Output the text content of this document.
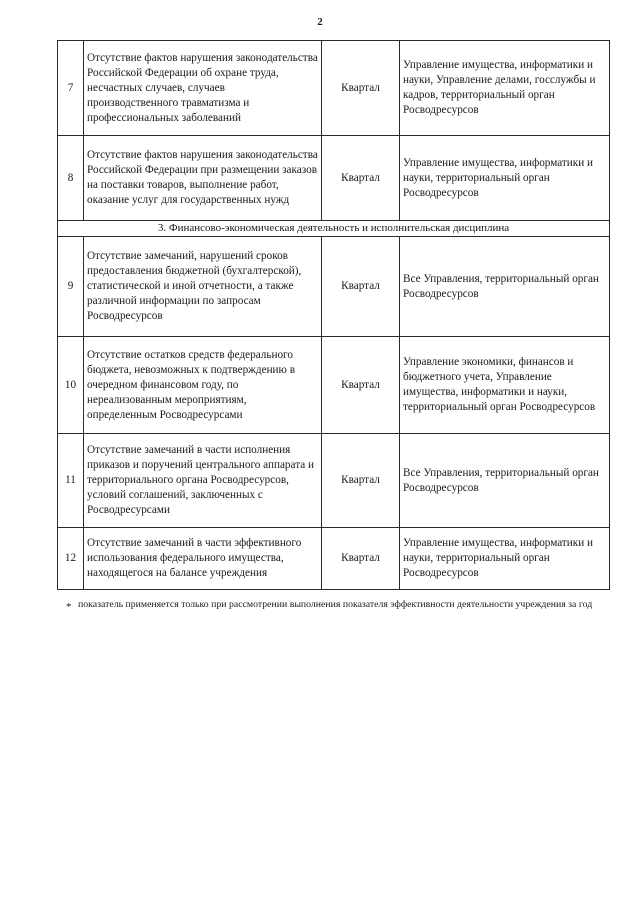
2
7	Отсутствие фактов нарушения законодательства Российской Федерации об охране труда, несчастных случаев, случаев производственного травматизма и профессиональных заболеваний	Квартал	Управление имущества, информатики и науки, Управление делами, госслужбы и кадров, территориальный орган Росводресурсов
8	Отсутствие фактов нарушения законодательства Российской Федерации при размещении заказов на поставки товаров, выполнение работ, оказание услуг для государственных нужд	Квартал	Управление имущества, информатики и науки, территориальный орган Росводресурсов
3. Финансово-экономическая деятельность и исполнительская дисциплина			
9	Отсутствие замечаний, нарушений сроков предоставления бюджетной (бухгалтерской), статистической и иной отчетности, а также различной информации по запросам Росводресурсов	Квартал	Все Управления, территориальный орган Росводресурсов
10	Отсутствие остатков средств федерального бюджета, невозможных к подтверждению в очередном финансовом году, по нереализованным мероприятиям, определенным Росводресурсами	Квартал	Управление экономики, финансов и бюджетного учета, Управление имущества, информатики и науки, территориальный орган Росводресурсов
11	Отсутствие замечаний в части исполнения приказов и поручений центрального аппарата и территориального органа Росводресурсов, условий соглашений, заключенных с Росводресурсами	Квартал	Все Управления, территориальный орган Росводресурсов
12	Отсутствие замечаний в части эффективного использования федерального имущества, находящегося на балансе учреждения	Квартал	Управление имущества, информатики и науки, территориальный орган Росводресурсов
* показатель применяется только при рассмотрении выполнения показателя эффективности деятельности учреждения за год
